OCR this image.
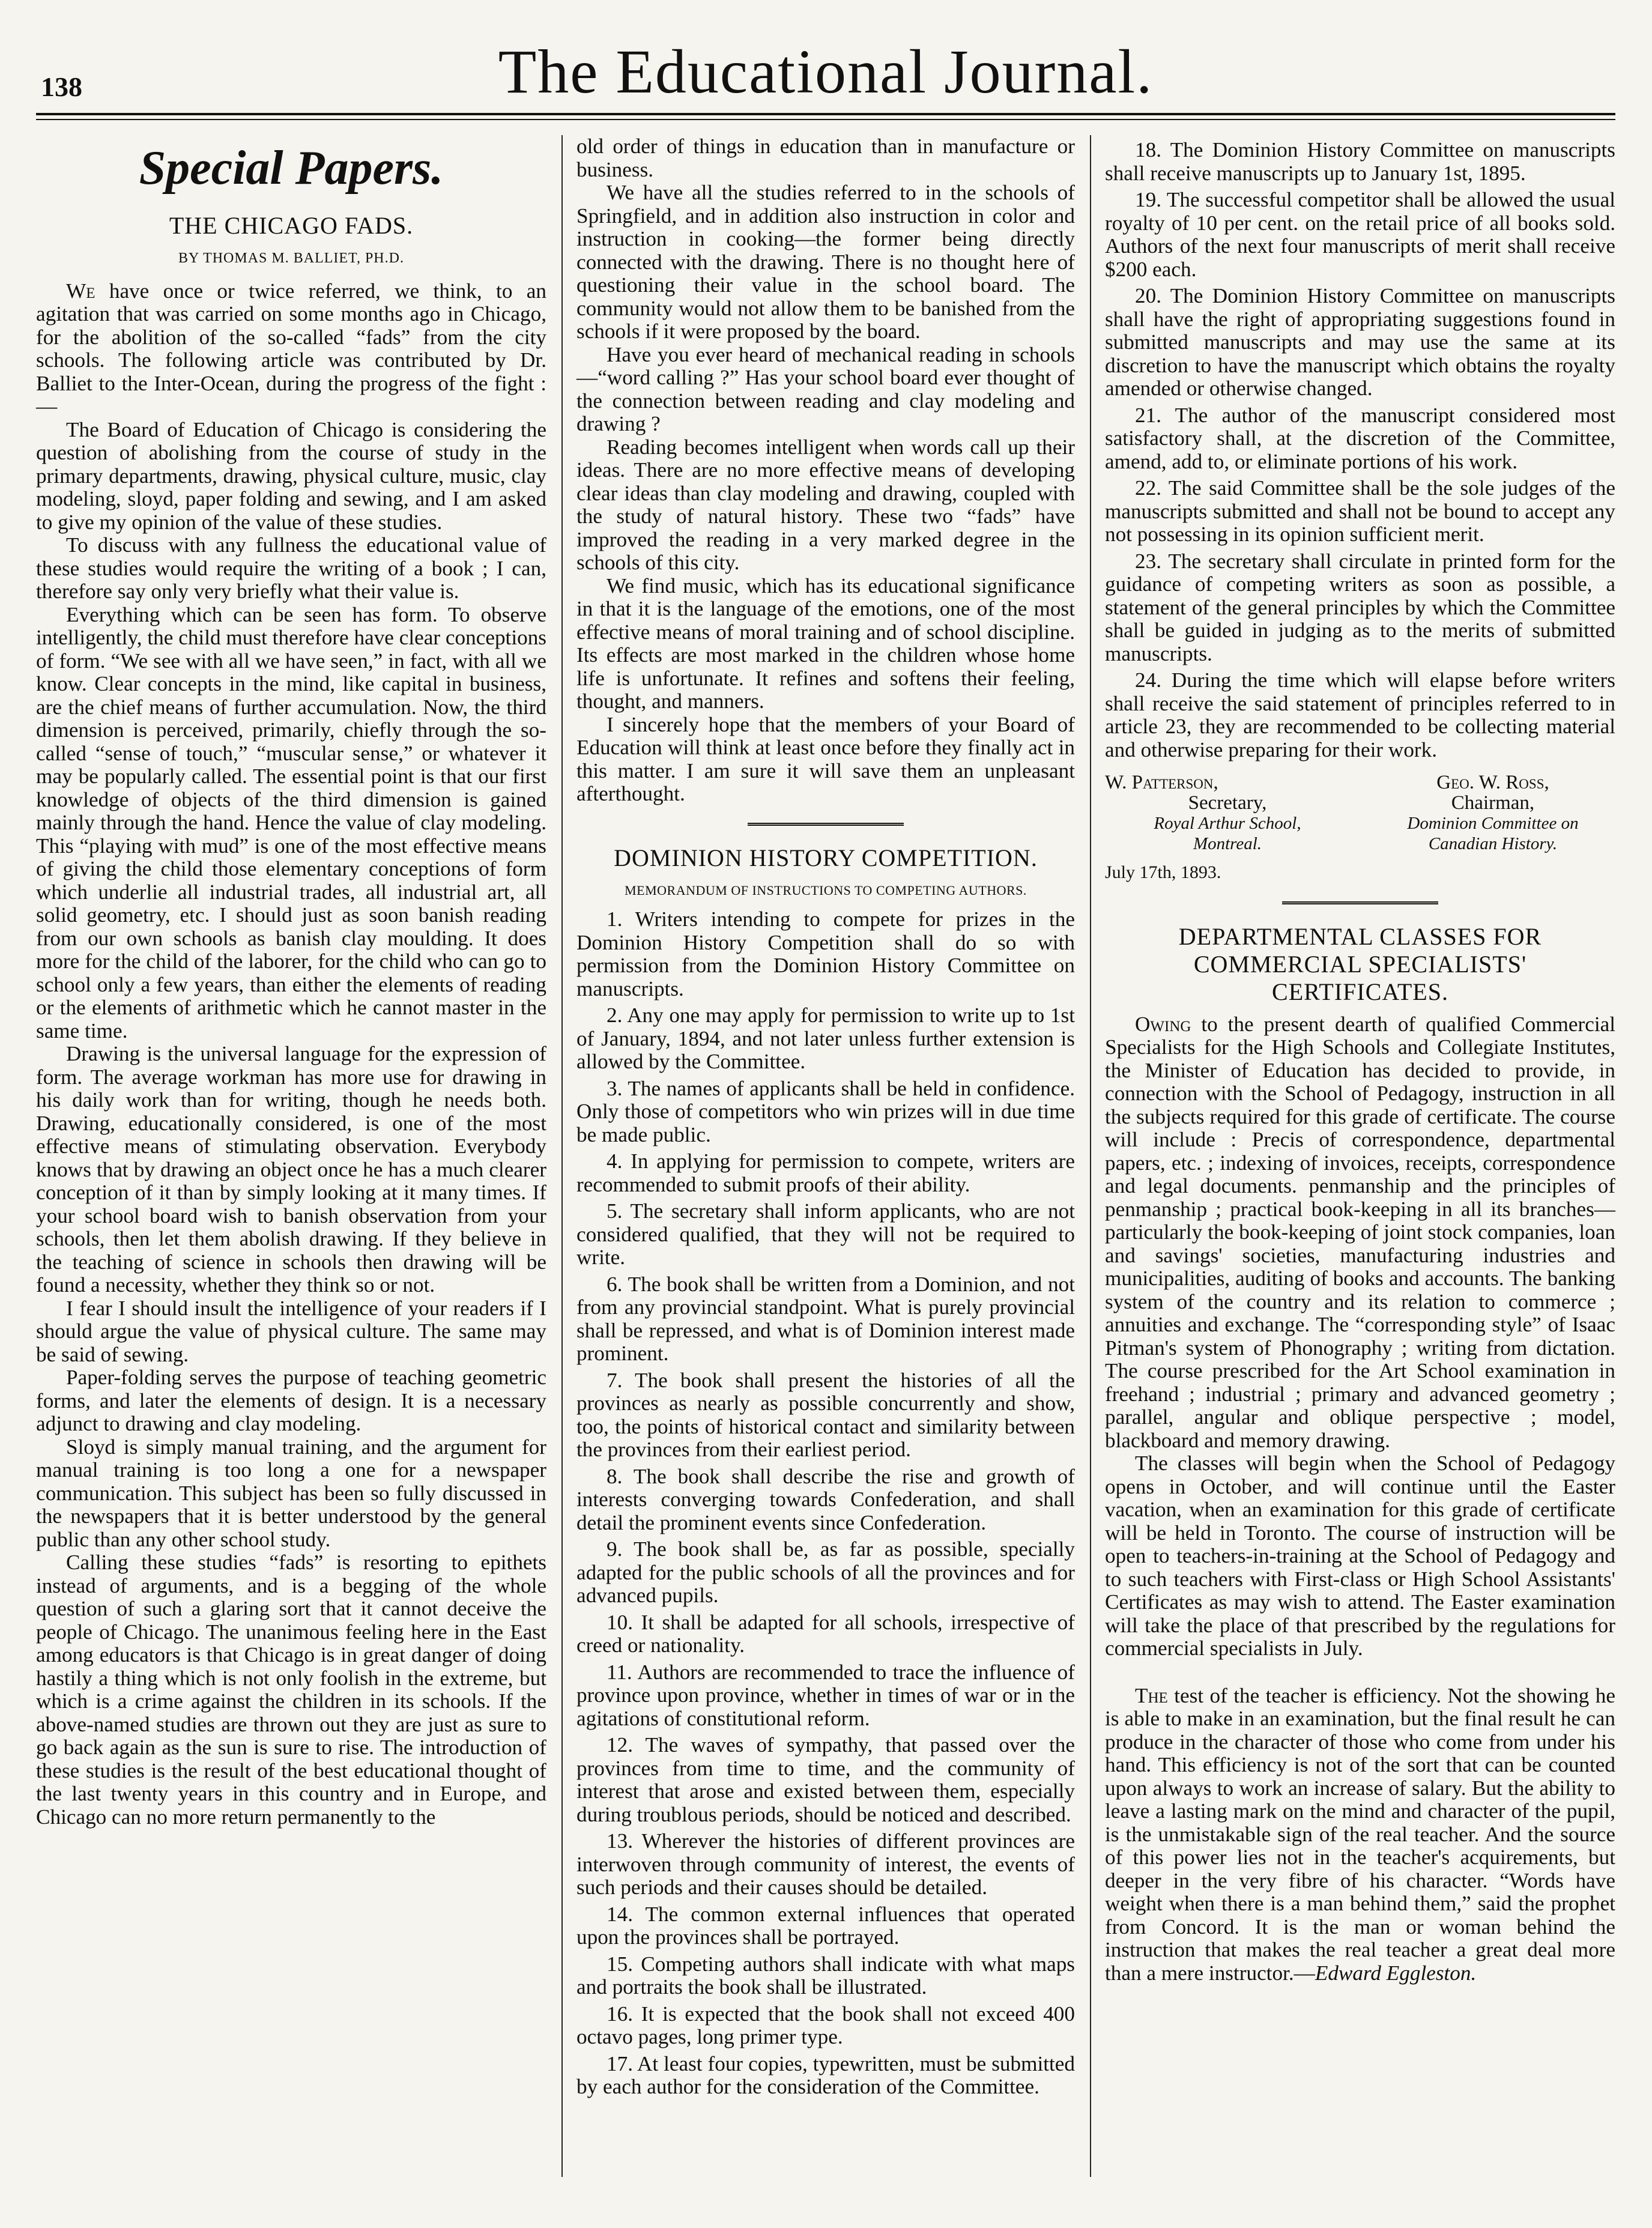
138	The Educational Journal.
Special Papers.
THE CHICAGO FADS.
BY THOMAS M. BALLIET, PH.D.

We have once or twice referred, we think, to an agitation that was carried on some months ago in Chicago, for the abolition of the so-called “fads” from the city schools. The following article was contributed by Dr. Balliet to the Inter-Ocean, during the progress of the fight :—

The Board of Education of Chicago is considering the question of abolishing from the course of study in the primary departments, drawing, physical culture, music, clay modeling, sloyd, paper folding and sewing, and I am asked to give my opinion of the value of these studies.

To discuss with any fullness the educational value of these studies would require the writing of a book ; I can, therefore say only very briefly what their value is.

Everything which can be seen has form. To observe intelligently, the child must therefore have clear conceptions of form. “We see with all we have seen,” in fact, with all we know. Clear concepts in the mind, like capital in business, are the chief means of further accumulation. Now, the third dimension is perceived, primarily, chiefly through the so-called “sense of touch,” “muscular sense,” or whatever it may be popularly called. The essential point is that our first knowledge of objects of the third dimension is gained mainly through the hand. Hence the value of clay modeling. This “playing with mud” is one of the most effective means of giving the child those elementary conceptions of form which underlie all industrial trades, all industrial art, all solid geometry, etc. I should just as soon banish reading from our own schools as banish clay moulding. It does more for the child of the laborer, for the child who can go to school only a few years, than either the elements of reading or the elements of arithmetic which he cannot master in the same time.

Drawing is the universal language for the expression of form. The average workman has more use for drawing in his daily work than for writing, though he needs both. Drawing, educationally considered, is one of the most effective means of stimulating observation. Everybody knows that by drawing an object once he has a much clearer conception of it than by simply looking at it many times. If your school board wish to banish observation from your schools, then let them abolish drawing. If they believe in the teaching of science in schools then drawing will be found a necessity, whether they think so or not.

I fear I should insult the intelligence of your readers if I should argue the value of physical culture. The same may be said of sewing.

Paper-folding serves the purpose of teaching geometric forms, and later the elements of design. It is a necessary adjunct to drawing and clay modeling.

Sloyd is simply manual training, and the argument for manual training is too long a one for a newspaper communication. This subject has been so fully discussed in the newspapers that it is better understood by the general public than any other school study.

Calling these studies “fads” is resorting to epithets instead of arguments, and is a begging of the whole question of such a glaring sort that it cannot deceive the people of Chicago. The unanimous feeling here in the East among educators is that Chicago is in great danger of doing hastily a thing which is not only foolish in the extreme, but which is a crime against the children in its schools. If the above-named studies are thrown out they are just as sure to go back again as the sun is sure to rise. The introduction of these studies is the result of the best educational thought of the last twenty years in this country and in Europe, and Chicago can no more return permanently to the

old order of things in education than in manufacture or business.

We have all the studies referred to in the schools of Springfield, and in addition also instruction in color and instruction in cooking—the former being directly connected with the drawing. There is no thought here of questioning their value in the school board. The community would not allow them to be banished from the schools if it were proposed by the board.

Have you ever heard of mechanical reading in schools—“word calling ?” Has your school board ever thought of the connection between reading and clay modeling and drawing ?

Reading becomes intelligent when words call up their ideas. There are no more effective means of developing clear ideas than clay modeling and drawing, coupled with the study of natural history. These two “fads” have improved the reading in a very marked degree in the schools of this city.

We find music, which has its educational significance in that it is the language of the emotions, one of the most effective means of moral training and of school discipline. Its effects are most marked in the children whose home life is unfortunate. It refines and softens their feeling, thought, and manners.

I sincerely hope that the members of your Board of Education will think at least once before they finally act in this matter. I am sure it will save them an unpleasant afterthought.

DOMINION HISTORY COMPETITION.
MEMORANDUM OF INSTRUCTIONS TO COMPETING AUTHORS.

1. Writers intending to compete for prizes in the Dominion History Competition shall do so with permission from the Dominion History Committee on manuscripts.

2. Any one may apply for permission to write up to 1st of January, 1894, and not later unless further extension is allowed by the Committee.

3. The names of applicants shall be held in confidence. Only those of competitors who win prizes will in due time be made public.

4. In applying for permission to compete, writers are recommended to submit proofs of their ability.

5. The secretary shall inform applicants, who are not considered qualified, that they will not be required to write.

6. The book shall be written from a Dominion, and not from any provincial standpoint. What is purely provincial shall be repressed, and what is of Dominion interest made prominent.

7. The book shall present the histories of all the provinces as nearly as possible concurrently and show, too, the points of historical contact and similarity between the provinces from their earliest period.

8. The book shall describe the rise and growth of interests converging towards Confederation, and shall detail the prominent events since Confederation.

9. The book shall be, as far as possible, specially adapted for the public schools of all the provinces and for advanced pupils.

10. It shall be adapted for all schools, irrespective of creed or nationality.

11. Authors are recommended to trace the influence of province upon province, whether in times of war or in the agitations of constitutional reform.

12. The waves of sympathy, that passed over the provinces from time to time, and the community of interest that arose and existed between them, especially during troublous periods, should be noticed and described.

13. Wherever the histories of different provinces are interwoven through community of interest, the events of such periods and their causes should be detailed.

14. The common external influences that operated upon the provinces shall be portrayed.

15. Competing authors shall indicate with what maps and portraits the book shall be illustrated.

16. It is expected that the book shall not exceed 400 octavo pages, long primer type.

17. At least four copies, typewritten, must be submitted by each author for the consideration of the Committee.

18. The Dominion History Committee on manuscripts shall receive manuscripts up to January 1st, 1895.

19. The successful competitor shall be allowed the usual royalty of 10 per cent. on the retail price of all books sold. Authors of the next four manuscripts of merit shall receive $200 each.

20. The Dominion History Committee on manuscripts shall have the right of appropriating suggestions found in submitted manuscripts and may use the same at its discretion to have the manuscript which obtains the royalty amended or otherwise changed.

21. The author of the manuscript considered most satisfactory shall, at the discretion of the Committee, amend, add to, or eliminate portions of his work.

22. The said Committee shall be the sole judges of the manuscripts submitted and shall not be bound to accept any not possessing in its opinion sufficient merit.

23. The secretary shall circulate in printed form for the guidance of competing writers as soon as possible, a statement of the general principles by which the Committee shall be guided in judging as to the merits of submitted manuscripts.

24. During the time which will elapse before writers shall receive the said statement of principles referred to in article 23, they are recommended to be collecting material and otherwise preparing for their work.

W. Patterson,
Secretary,
Royal Arthur School,
Montreal.
Geo. W. Ross,
Chairman,
Dominion Committee on
Canadian History.
July 17th, 1893.
DEPARTMENTAL CLASSES FOR COMMERCIAL SPECIALISTS' CERTIFICATES.

Owing to the present dearth of qualified Commercial Specialists for the High Schools and Collegiate Institutes, the Minister of Education has decided to provide, in connection with the School of Pedagogy, instruction in all the subjects required for this grade of certificate. The course will include : Precis of correspondence, departmental papers, etc. ; indexing of invoices, receipts, correspondence and legal documents. penmanship and the principles of penmanship ; practical book-keeping in all its branches—particularly the book-keeping of joint stock companies, loan and savings' societies, manufacturing industries and municipalities, auditing of books and accounts. The banking system of the country and its relation to commerce ; annuities and exchange. The “corresponding style” of Isaac Pitman's system of Phonography ; writing from dictation. The course prescribed for the Art School examination in freehand ; industrial ; primary and advanced geometry ; parallel, angular and oblique perspective ; model, blackboard and memory drawing.

The classes will begin when the School of Pedagogy opens in October, and will continue until the Easter vacation, when an examination for this grade of certificate will be held in Toronto. The course of instruction will be open to teachers-in-training at the School of Pedagogy and to such teachers with First-class or High School Assistants' Certificates as may wish to attend. The Easter examination will take the place of that prescribed by the regulations for commercial specialists in July.

The test of the teacher is efficiency. Not the showing he is able to make in an examination, but the final result he can produce in the character of those who come from under his hand. This efficiency is not of the sort that can be counted upon always to work an increase of salary. But the ability to leave a lasting mark on the mind and character of the pupil, is the unmistakable sign of the real teacher. And the source of this power lies not in the teacher's acquirements, but deeper in the very fibre of his character. “Words have weight when there is a man behind them,” said the prophet from Concord. It is the man or woman behind the instruction that makes the real teacher a great deal more than a mere instructor.—Edward Eggleston.
